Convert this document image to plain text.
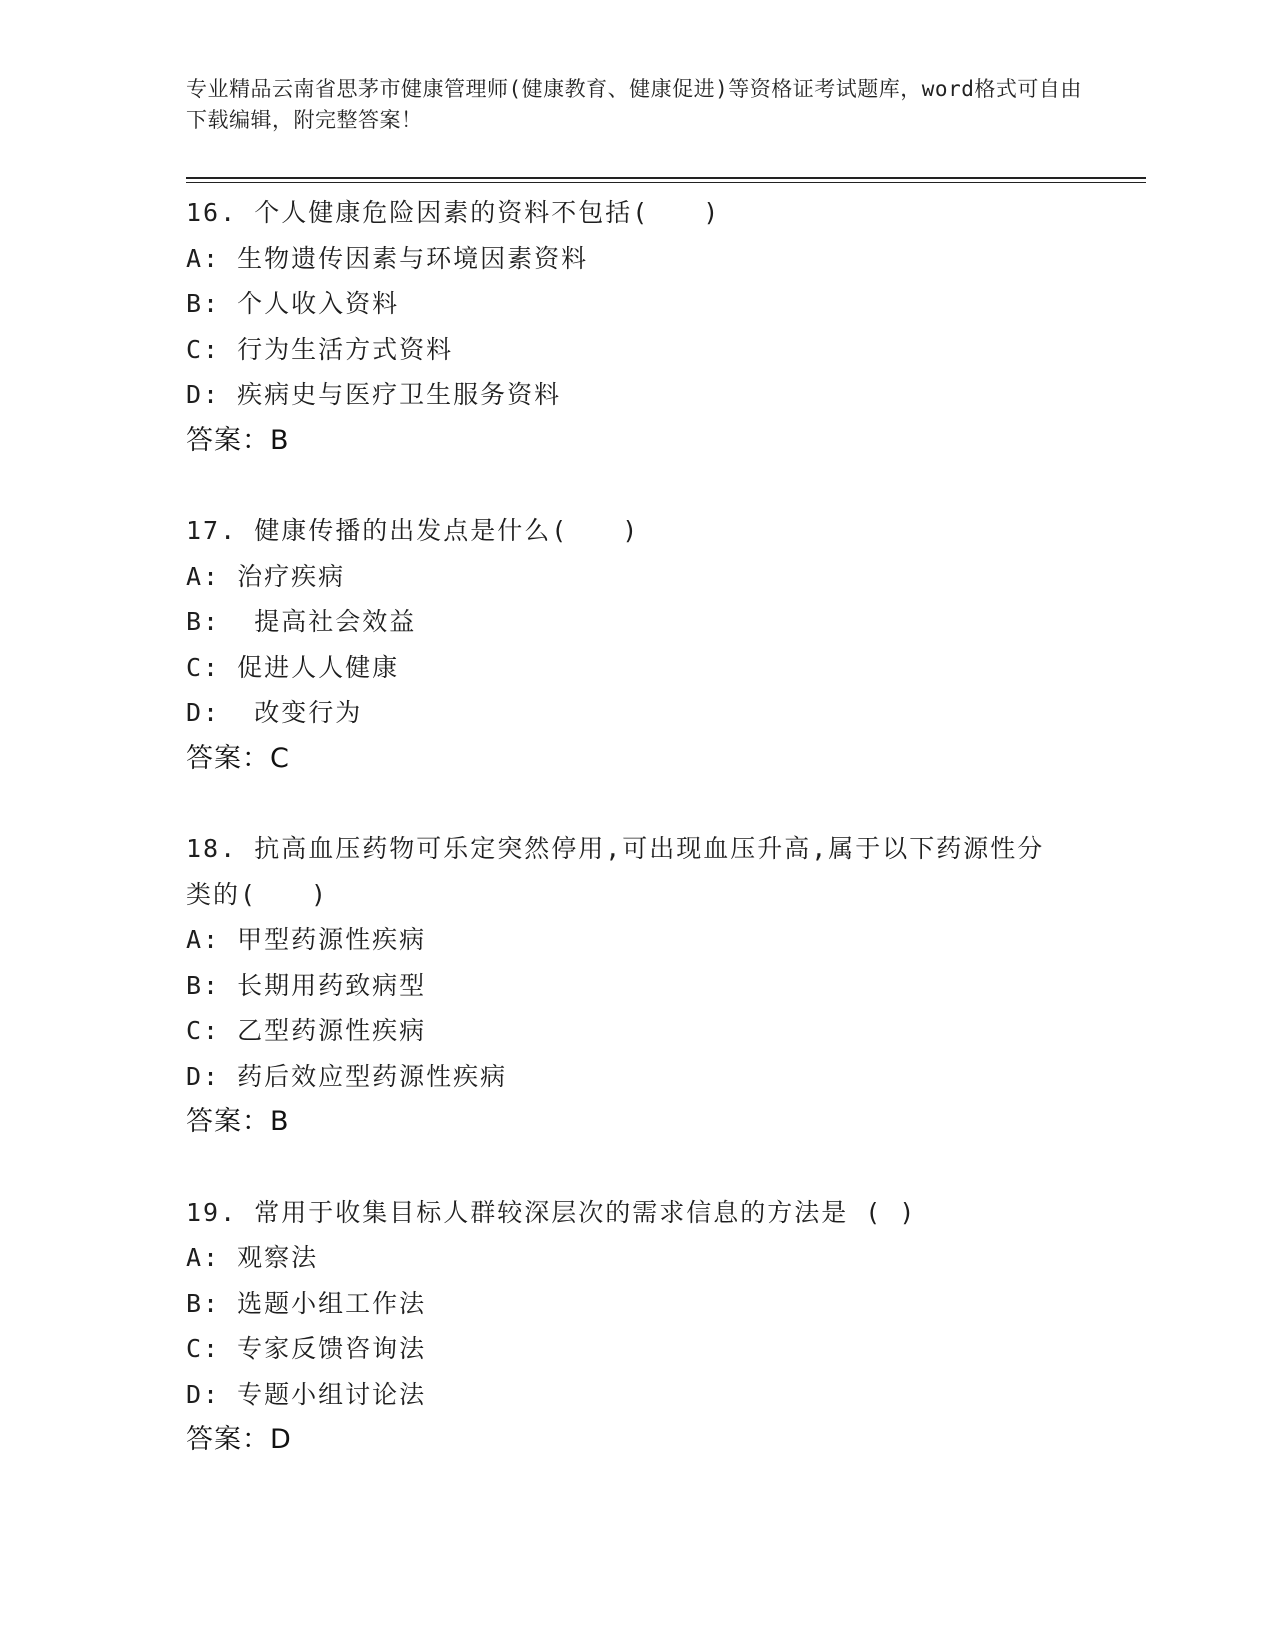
专业精品云南省思茅市健康管理师(健康教育、健康促进)等资格证考试题库，word格式可自由下载编辑，附完整答案！
16. 个人健康危险因素的资料不包括(　　)
A: 生物遗传因素与环境因素资料
B: 个人收入资料
C: 行为生活方式资料
D: 疾病史与医疗卫生服务资料
答案：B
17. 健康传播的出发点是什么(　　)
A: 治疗疾病
B:  提高社会效益
C: 促进人人健康
D:  改变行为
答案：C
18. 抗高血压药物可乐定突然停用,可出现血压升高,属于以下药源性分类的(　　)
A: 甲型药源性疾病
B: 长期用药致病型
C: 乙型药源性疾病
D: 药后效应型药源性疾病
答案：B
19. 常用于收集目标人群较深层次的需求信息的方法是 ( )
A: 观察法
B: 选题小组工作法
C: 专家反馈咨询法
D: 专题小组讨论法
答案：D
